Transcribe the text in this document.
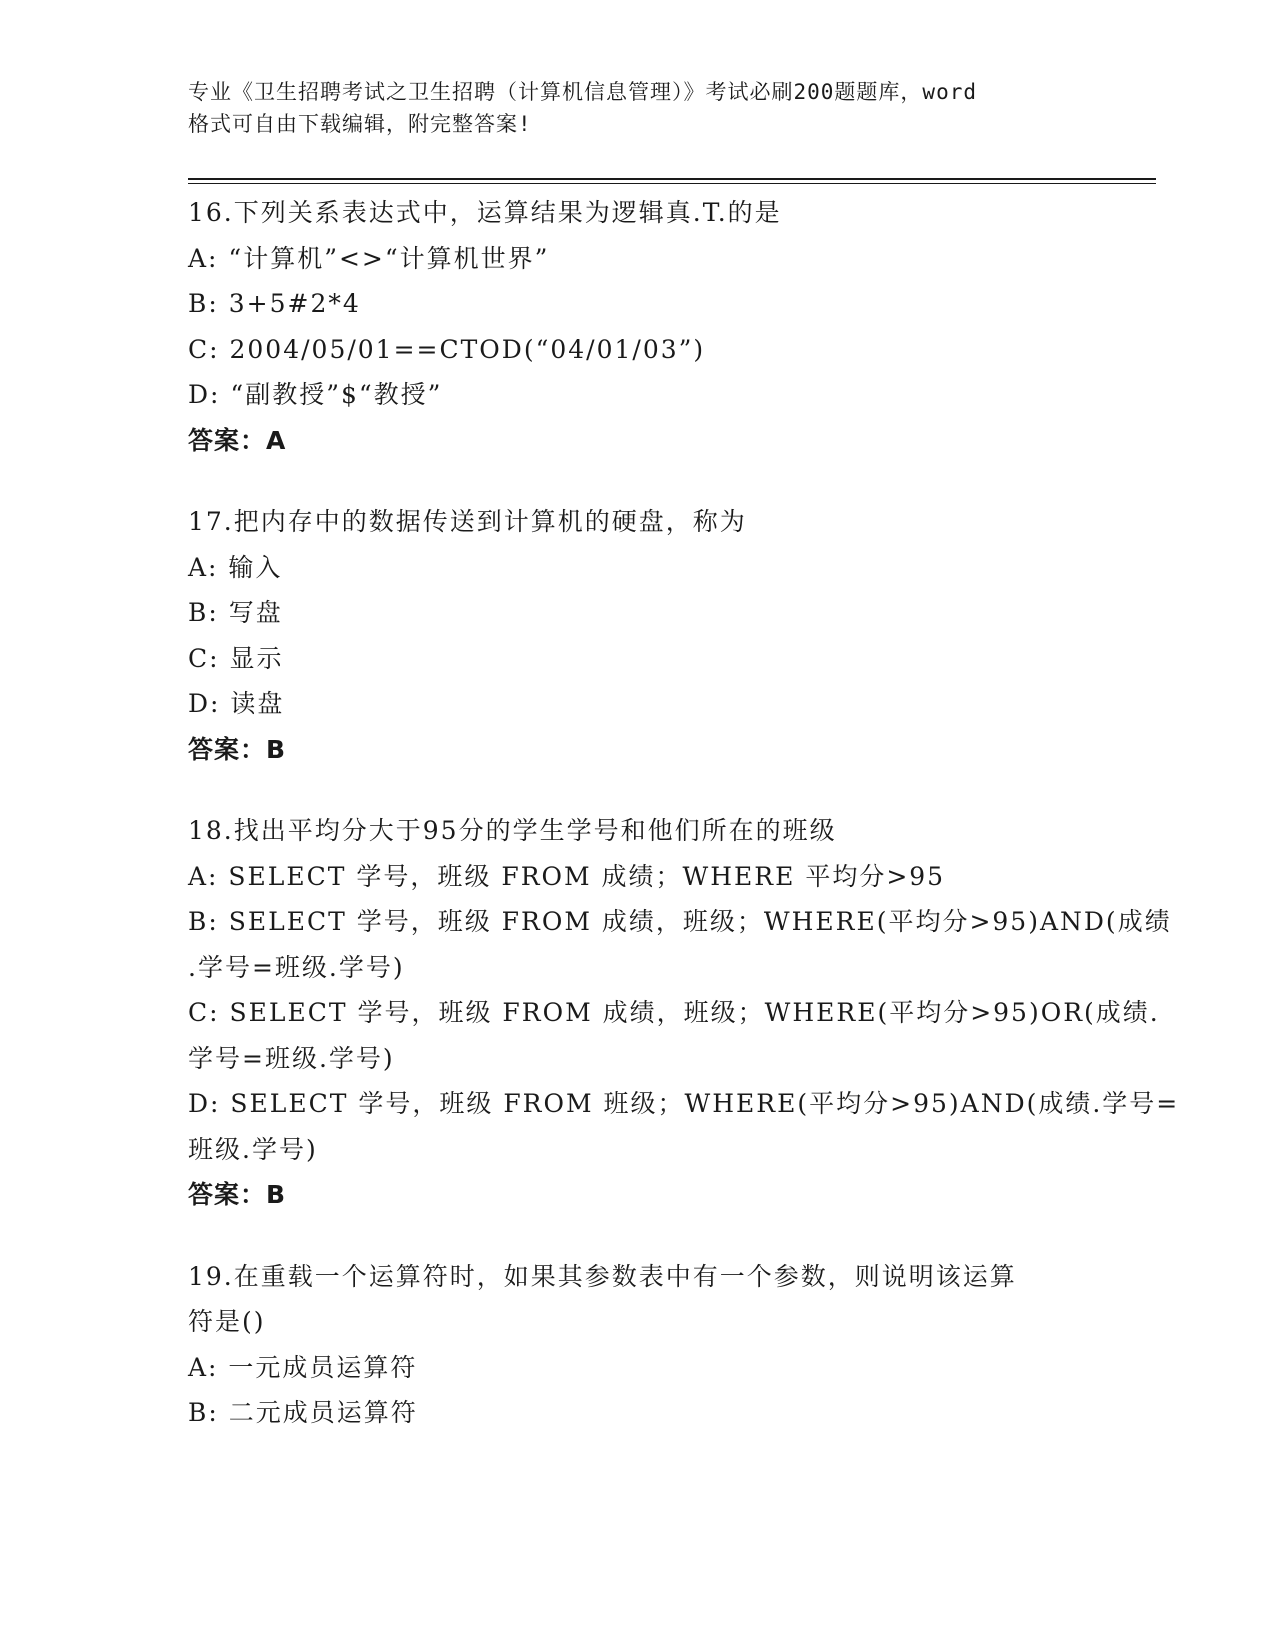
专业《卫生招聘考试之卫生招聘（计算机信息管理）》考试必刷200题题库，word
格式可自由下载编辑，附完整答案!
16.下列关系表达式中，运算结果为逻辑真.T.的是
A: “计算机”<>“计算机世界”
B: 3+5#2*4
C: 2004/05/01==CTOD(“04/01/03”)
D: “副教授”$“教授”
答案：A
17.把内存中的数据传送到计算机的硬盘，称为
A: 输入
B: 写盘
C: 显示
D: 读盘
答案：B
18.找出平均分大于95分的学生学号和他们所在的班级
A: SELECT 学号，班级 FROM 成绩；WHERE 平均分>95
B: SELECT 学号，班级 FROM 成绩，班级；WHERE(平均分>95)AND(成绩
.学号=班级.学号)
C: SELECT 学号，班级 FROM 成绩，班级；WHERE(平均分>95)OR(成绩.
学号=班级.学号)
D: SELECT 学号，班级 FROM 班级；WHERE(平均分>95)AND(成绩.学号=
班级.学号)
答案：B
19.在重载一个运算符时，如果其参数表中有一个参数，则说明该运算
符是()
A: 一元成员运算符
B: 二元成员运算符
